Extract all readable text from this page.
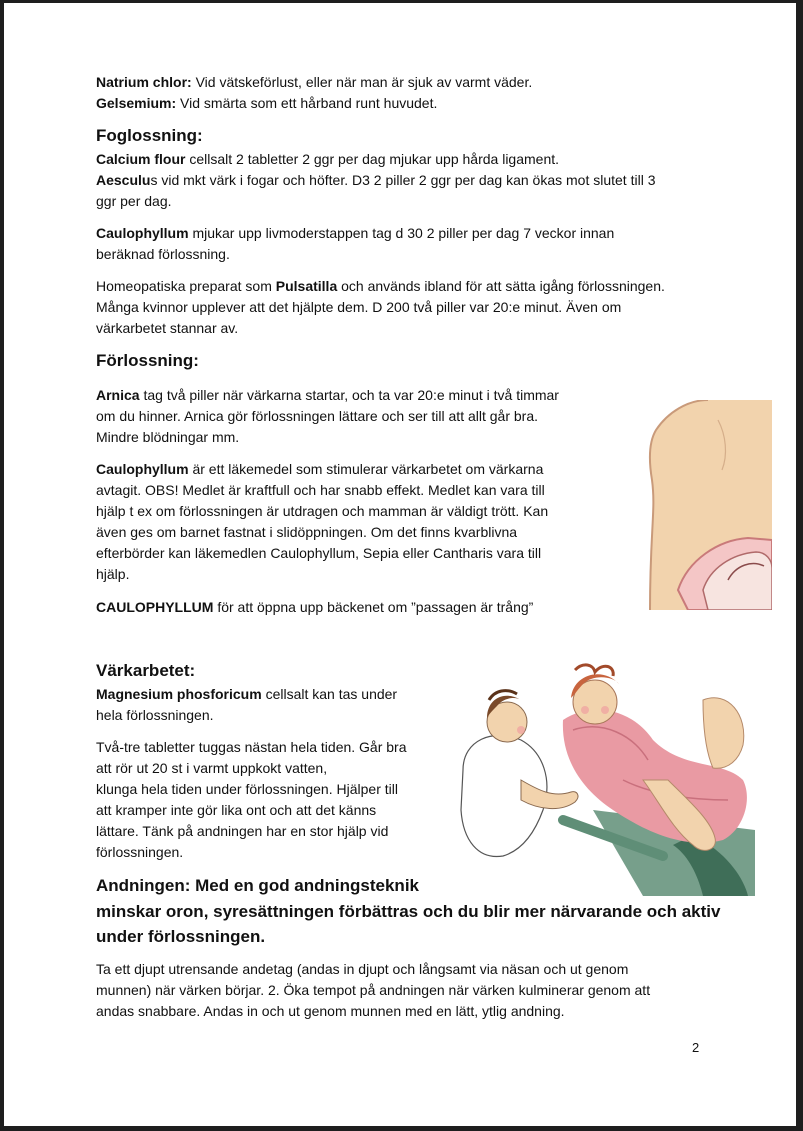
Natrium chlor: Vid vätskeförlust, eller när man är sjuk av varmt väder.
Gelsemium: Vid smärta som ett hårband runt huvudet.
Foglossning:
Calcium flour cellsalt 2 tabletter 2 ggr per dag mjukar upp hårda ligament.
Aesculus vid mkt värk i fogar och höfter. D3 2 piller 2 ggr per dag kan ökas mot slutet till 3
ggr per dag.
Caulophyllum mjukar upp livmoderstappen tag d 30 2 piller per dag 7 veckor innan
beräknad förlossning.
Homeopatiska preparat som Pulsatilla och används ibland för att sätta igång förlossningen.
Många kvinnor upplever att det hjälpte dem. D 200 två piller var 20:e minut. Även om
värkarbetet stannar av.
Förlossning:
Arnica tag två piller när värkarna startar, och ta var 20:e minut i två timmar
om du hinner. Arnica gör förlossningen lättare och ser till att allt går bra.
Mindre blödningar mm.
Caulophyllum är ett läkemedel som stimulerar värkarbetet om värkarna
avtagit. OBS! Medlet är kraftfull och har snabb effekt. Medlet kan vara till
hjälp t ex om förlossningen är utdragen och mamman är väldigt trött. Kan
även ges om barnet fastnat i slidöppningen. Om det finns kvarblivna
efterbörder kan läkemedlen Caulophyllum, Sepia eller Cantharis vara till
hjälp.
CAULOPHYLLUM för att öppna upp bäckenet om ”passagen är trång”
Värkarbetet:
Magnesium phosforicum cellsalt kan tas under
hela förlossningen.
Två-tre tabletter tuggas nästan hela tiden. Går bra
att rör ut 20 st i varmt uppkokt vatten,
klunga hela tiden under förlossningen. Hjälper till
att kramper inte gör lika ont och att det känns
lättare. Tänk på andningen har en stor hjälp vid
förlossningen.
Andningen: Med en god andningsteknik
minskar oron, syresättningen förbättras och du blir mer närvarande och aktiv
under förlossningen.
Ta ett djupt utrensande andetag (andas in djupt och långsamt via näsan och ut genom
munnen) när värken börjar. 2. Öka tempot på andningen när värken kulminerar genom att
andas snabbare. Andas in och ut genom munnen med en lätt, ytlig andning.
2
